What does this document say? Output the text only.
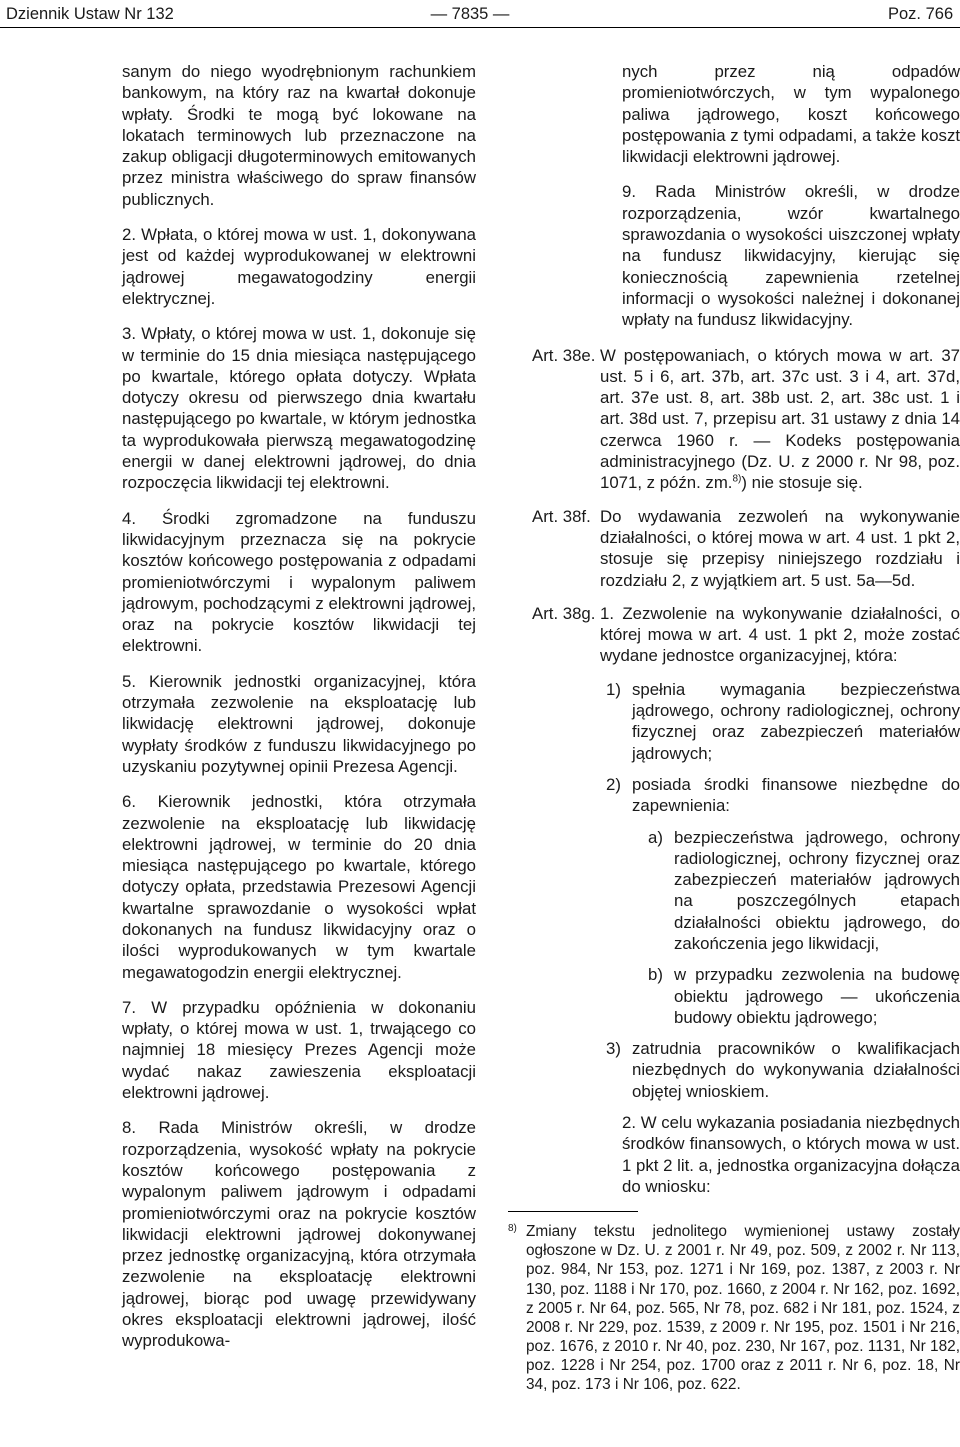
Dziennik Ustaw Nr 132	— 7835 —	Poz. 766

sanym do niego wyodrębnionym rachunkiem bankowym, na który raz na kwartał dokonuje wpłaty. Środki te mogą być lokowane na lokatach terminowych lub przeznaczone na zakup obligacji długoterminowych emitowanych przez ministra właściwego do spraw finansów publicznych.

2. Wpłata, o której mowa w ust. 1, dokonywana jest od każdej wyprodukowanej w elektrowni jądrowej megawatogodziny energii elektrycznej.

3. Wpłaty, o której mowa w ust. 1, dokonuje się w terminie do 15 dnia miesiąca następującego po kwartale, którego opłata dotyczy. Wpłata dotyczy okresu od pierwszego dnia kwartału następującego po kwartale, w którym jednostka ta wyprodukowała pierwszą megawatogodzinę energii w danej elektrowni jądrowej, do dnia rozpoczęcia likwidacji tej elektrowni.

4. Środki zgromadzone na funduszu likwidacyjnym przeznacza się na pokrycie kosztów końcowego postępowania z odpadami promieniotwórczymi i wypalonym paliwem jądrowym, pochodzącymi z elektrowni jądrowej, oraz na pokrycie kosztów likwidacji tej elektrowni.

5. Kierownik jednostki organizacyjnej, która otrzymała zezwolenie na eksploatację lub likwidację elektrowni jądrowej, dokonuje wypłaty środków z funduszu likwidacyjnego po uzyskaniu pozytywnej opinii Prezesa Agencji.

6. Kierownik jednostki, która otrzymała zezwolenie na eksploatację lub likwidację elektrowni jądrowej, w terminie do 20 dnia miesiąca następującego po kwartale, którego dotyczy opłata, przedstawia Prezesowi Agencji kwartalne sprawozdanie o wysokości wpłat dokonanych na fundusz likwidacyjny oraz o ilości wyprodukowanych w tym kwartale megawatogodzin energii elektrycznej.

7. W przypadku opóźnienia w dokonaniu wpłaty, o której mowa w ust. 1, trwającego co najmniej 18 miesięcy Prezes Agencji może wydać nakaz zawieszenia eksploatacji elektrowni jądrowej.

8. Rada Ministrów określi, w drodze rozporządzenia, wysokość wpłaty na pokrycie kosztów końcowego postępowania z wypalonym paliwem jądrowym i odpadami promieniotwórczymi oraz na pokrycie kosztów likwidacji elektrowni jądrowej dokonywanej przez jednostkę organizacyjną, która otrzymała zezwolenie na eksploatację elektrowni jądrowej, biorąc pod uwagę przewidywany okres eksploatacji elektrowni jądrowej, ilość wyprodukowa-

nych przez nią odpadów promieniotwórczych, w tym wypalonego paliwa jądrowego, koszt końcowego postępowania z tymi odpadami, a także koszt likwidacji elektrowni jądrowej.

9. Rada Ministrów określi, w drodze rozporządzenia, wzór kwartalnego sprawozdania o wysokości uiszczonej wpłaty na fundusz likwidacyjny, kierując się koniecznością zapewnienia rzetelnej informacji o wysokości należnej i dokonanej wpłaty na fundusz likwidacyjny.

Art. 38e. W postępowaniach, o których mowa w art. 37 ust. 5 i 6, art. 37b, art. 37c ust. 3 i 4, art. 37d, art. 37e ust. 8, art. 38b ust. 2, art. 38c ust. 1 i art. 38d ust. 7, przepisu art. 31 ustawy z dnia 14 czerwca 1960 r. — Kodeks postępowania administracyjnego (Dz. U. z 2000 r. Nr 98, poz. 1071, z późn. zm.$^{8)}$) nie stosuje się.
Art. 38f. Do wydawania zezwoleń na wykonywanie działalności, o której mowa w art. 4 ust. 1 pkt 2, stosuje się przepisy niniejszego rozdziału i rozdziału 2, z wyjątkiem art. 5 ust. 5a—5d.
Art. 38g. 1. Zezwolenie na wykonywanie działalności, o której mowa w art. 4 ust. 1 pkt 2, może zostać wydane jednostce organizacyjnej, która:
1) spełnia wymagania bezpieczeństwa jądrowego, ochrony radiologicznej, ochrony fizycznej oraz zabezpieczeń materiałów jądrowych;
2) posiada środki finansowe niezbędne do zapewnienia:
a) bezpieczeństwa jądrowego, ochrony radiologicznej, ochrony fizycznej oraz zabezpieczeń materiałów jądrowych na poszczególnych etapach działalności obiektu jądrowego, do zakończenia jego likwidacji,
b) w przypadku zezwolenia na budowę obiektu jądrowego — ukończenia budowy obiektu jądrowego;
3) zatrudnia pracowników o kwalifikacjach niezbędnych do wykonywania działalności objętej wnioskiem.

2. W celu wykazania posiadania niezbędnych środków finansowych, o których mowa w ust. 1 pkt 2 lit. a, jednostka organizacyjna dołącza do wniosku:

8) Zmiany tekstu jednolitego wymienionej ustawy zostały ogłoszone w Dz. U. z 2001 r. Nr 49, poz. 509, z 2002 r. Nr 113, poz. 984, Nr 153, poz. 1271 i Nr 169, poz. 1387, z 2003 r. Nr 130, poz. 1188 i Nr 170, poz. 1660, z 2004 r. Nr 162, poz. 1692, z 2005 r. Nr 64, poz. 565, Nr 78, poz. 682 i Nr 181, poz. 1524, z 2008 r. Nr 229, poz. 1539, z 2009 r. Nr 195, poz. 1501 i Nr 216, poz. 1676, z 2010 r. Nr 40, poz. 230, Nr 167, poz. 1131, Nr 182, poz. 1228 i Nr 254, poz. 1700 oraz z 2011 r. Nr 6, poz. 18, Nr 34, poz. 173 i Nr 106, poz. 622.
